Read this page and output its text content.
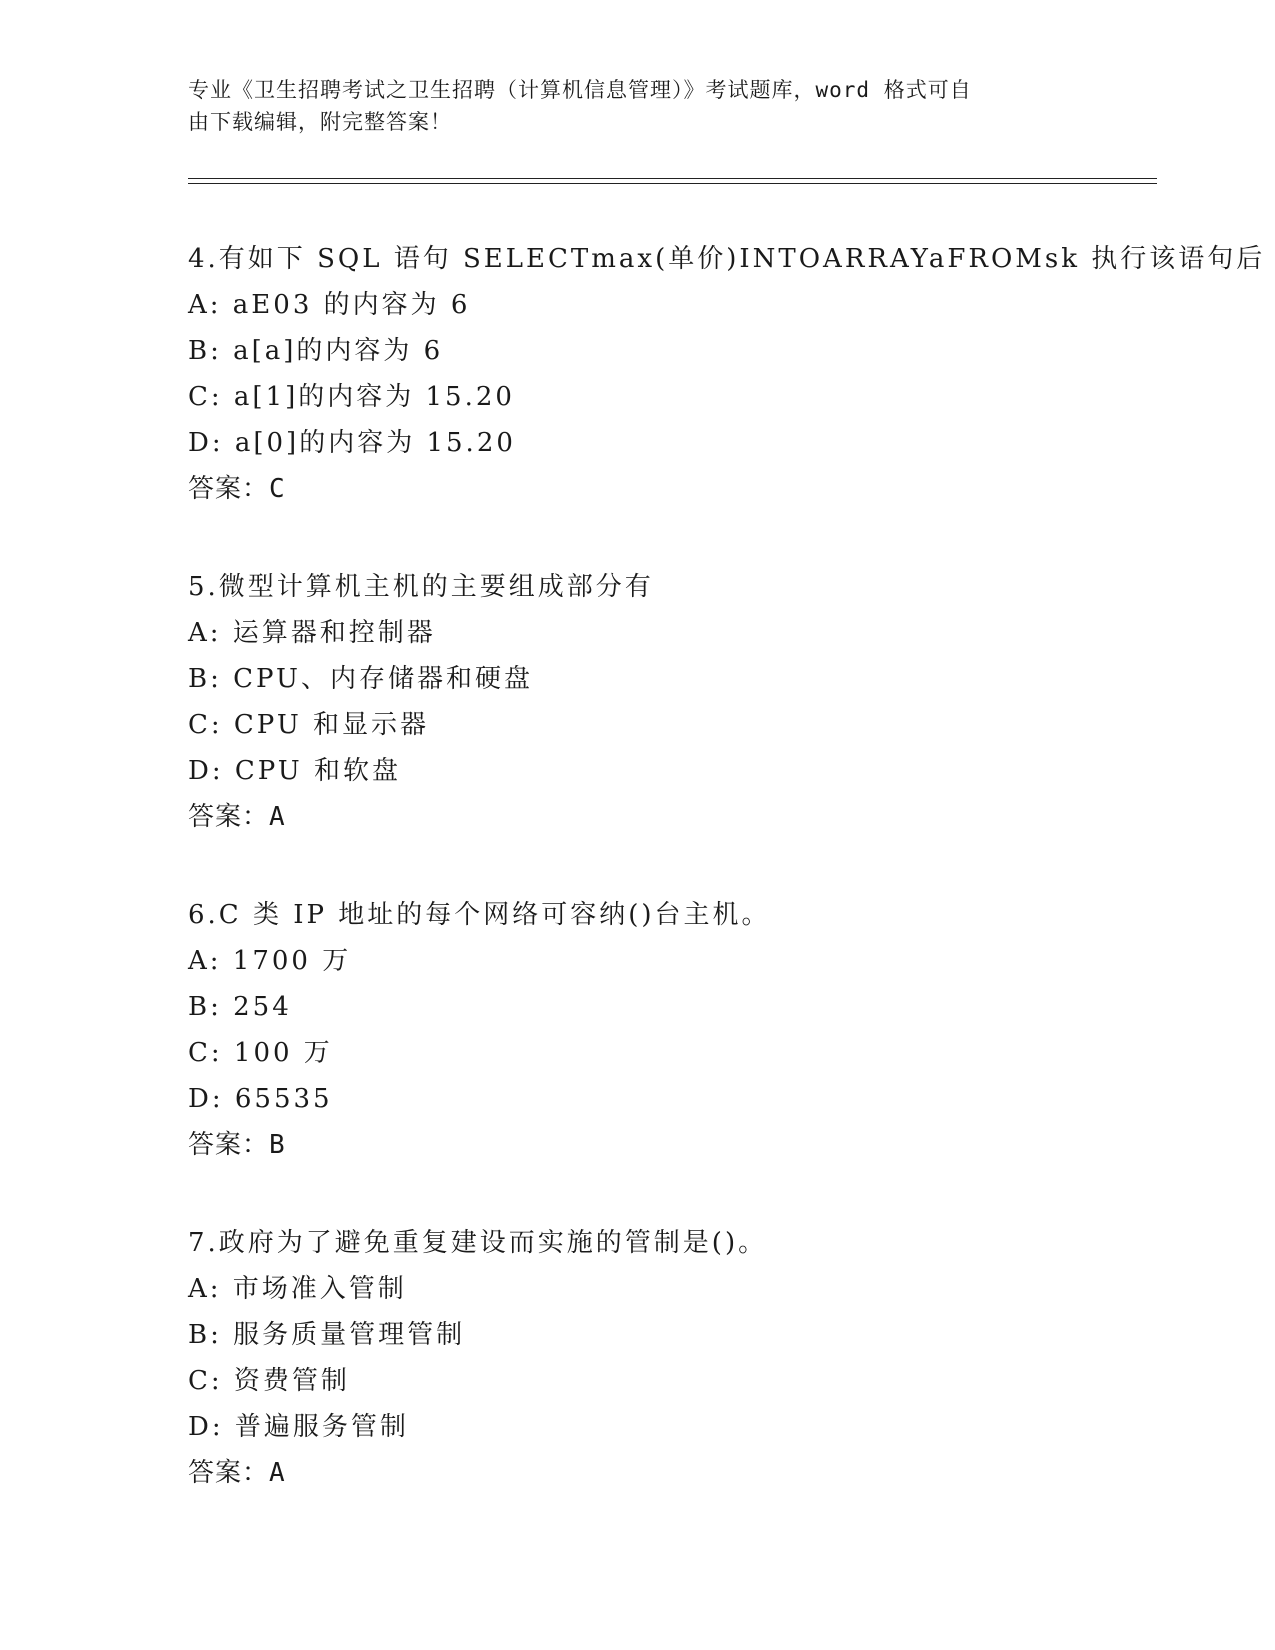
专业《卫生招聘考试之卫生招聘（计算机信息管理）》考试题库，word 格式可自

由下载编辑，附完整答案！

4.有如下 SQL 语句 SELECTmax(单价)INTOARRAYaFROMsk 执行该语句后
A: aE03 的内容为 6
B: a[a]的内容为 6
C: a[1]的内容为 15.20
D: a[0]的内容为 15.20
答案：C
5.微型计算机主机的主要组成部分有
A: 运算器和控制器
B: CPU、内存储器和硬盘
C: CPU 和显示器
D: CPU 和软盘
答案：A
6.C 类 IP 地址的每个网络可容纳()台主机。
A: 1700 万
B: 254
C: 100 万
D: 65535
答案：B
7.政府为了避免重复建设而实施的管制是()。
A: 市场准入管制
B: 服务质量管理管制
C: 资费管制
D: 普遍服务管制
答案：A
